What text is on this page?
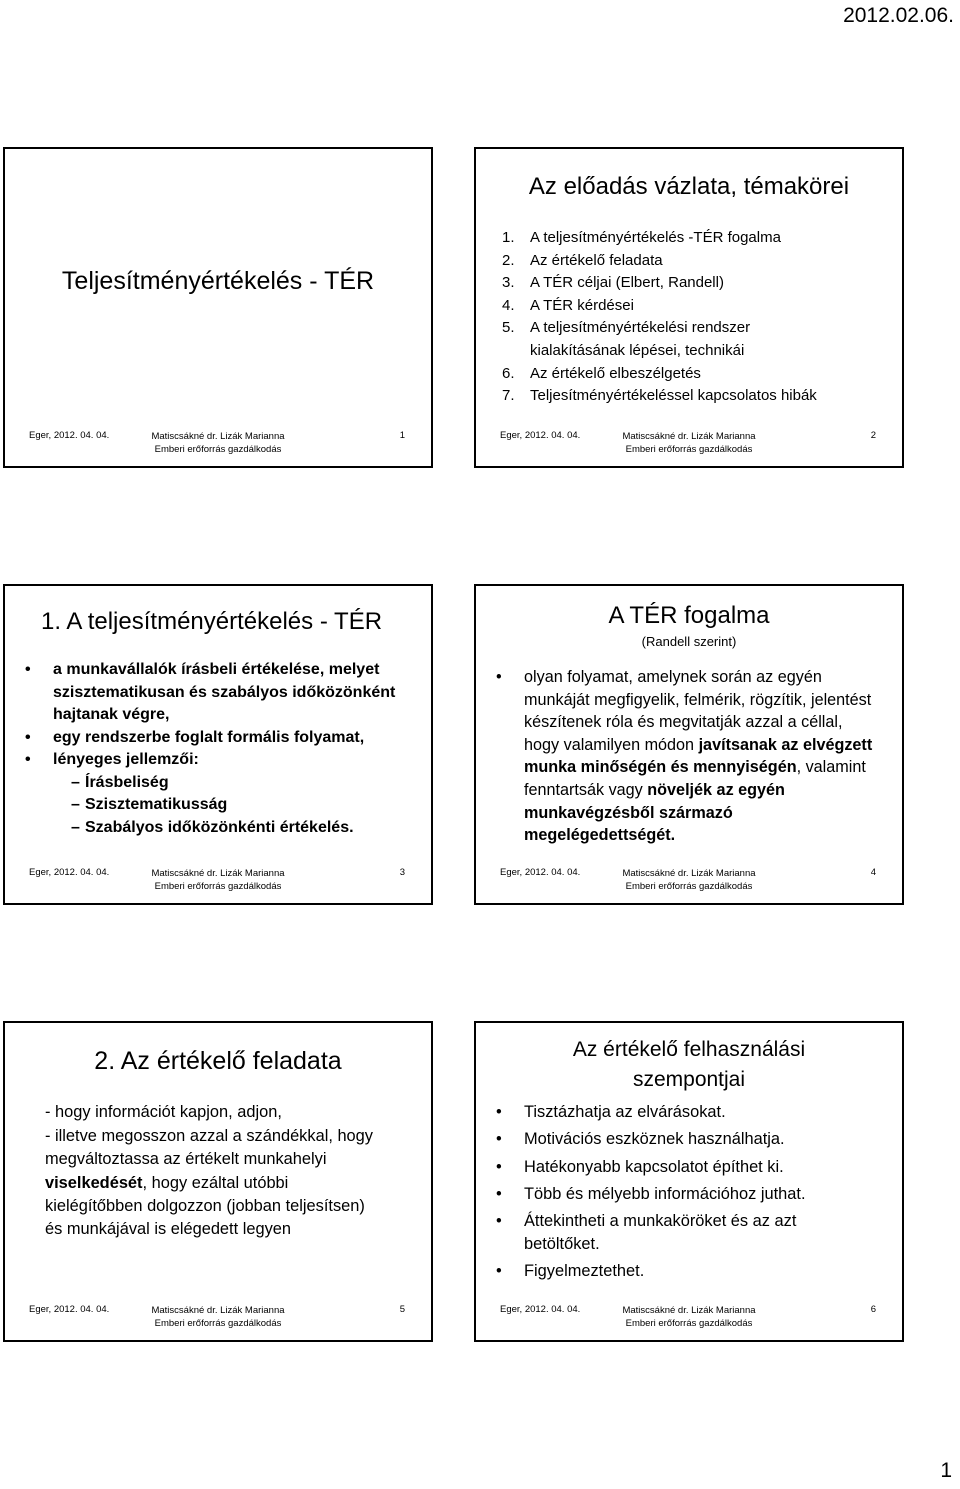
2012.02.06.
Teljesítményértékelés - TÉR
Eger, 2012. 04. 04.	Matiscsákné dr. Lizák Marianna
Emberi erőforrás gazdálkodás
1
Az előadás vázlata, témakörei
1. A teljesítményértékelés -TÉR fogalma
2. Az értékelő feladata
3. A TÉR céljai (Elbert, Randell)
4. A TÉR kérdései
5. A teljesítményértékelési rendszer kialakításának lépései, technikái
6. Az értékelő elbeszélgetés
7. Teljesítményértékeléssel kapcsolatos hibák
Eger, 2012. 04. 04.	Matiscsákné dr. Lizák Marianna
Emberi erőforrás gazdálkodás
2
1. A teljesítményértékelés - TÉR
• a munkavállalók írásbeli értékelése, melyet szisztematikusan és szabályos időközönként hajtanak végre,
• egy rendszerbe foglalt formális folyamat,
• lényeges jellemzői:
– Írásbeliség
– Szisztematikusság
– Szabályos időközönkénti értékelés.
Eger, 2012. 04. 04.	Matiscsákné dr. Lizák Marianna
Emberi erőforrás gazdálkodás
3
A TÉR fogalma
(Randell szerint)
• olyan folyamat, amelynek során az egyén munkáját megfigyelik, felmérik, rögzítik, jelentést készítenek róla és megvitatják azzal a céllal, hogy valamilyen módon javítsanak az elvégzett munka minőségén és mennyiségén, valamint fenntartsák vagy növeljék az egyén munkavégzésből származó megelégedettségét.
Eger, 2012. 04. 04.	Matiscsákné dr. Lizák Marianna
Emberi erőforrás gazdálkodás
4
2. Az értékelő feladata

- hogy információt kapjon, adjon,

- illetve megosszon azzal a szándékkal, hogy megváltoztassa az értékelt munkahelyi viselkedését, hogy ezáltal utóbbi kielégítőbben dolgozzon (jobban teljesítsen) és munkájával is elégedett legyen

Eger, 2012. 04. 04.	Matiscsákné dr. Lizák Marianna
Emberi erőforrás gazdálkodás
5
Az értékelő felhasználási szempontjai
• Tisztázhatja az elvárásokat.
• Motivációs eszköznek használhatja.
• Hatékonyabb kapcsolatot építhet ki.
• Több és mélyebb információhoz juthat.
• Áttekintheti a munkaköröket és az azt betöltőket.
• Figyelmeztethet.
Eger, 2012. 04. 04.	Matiscsákné dr. Lizák Marianna
Emberi erőforrás gazdálkodás
6
1
